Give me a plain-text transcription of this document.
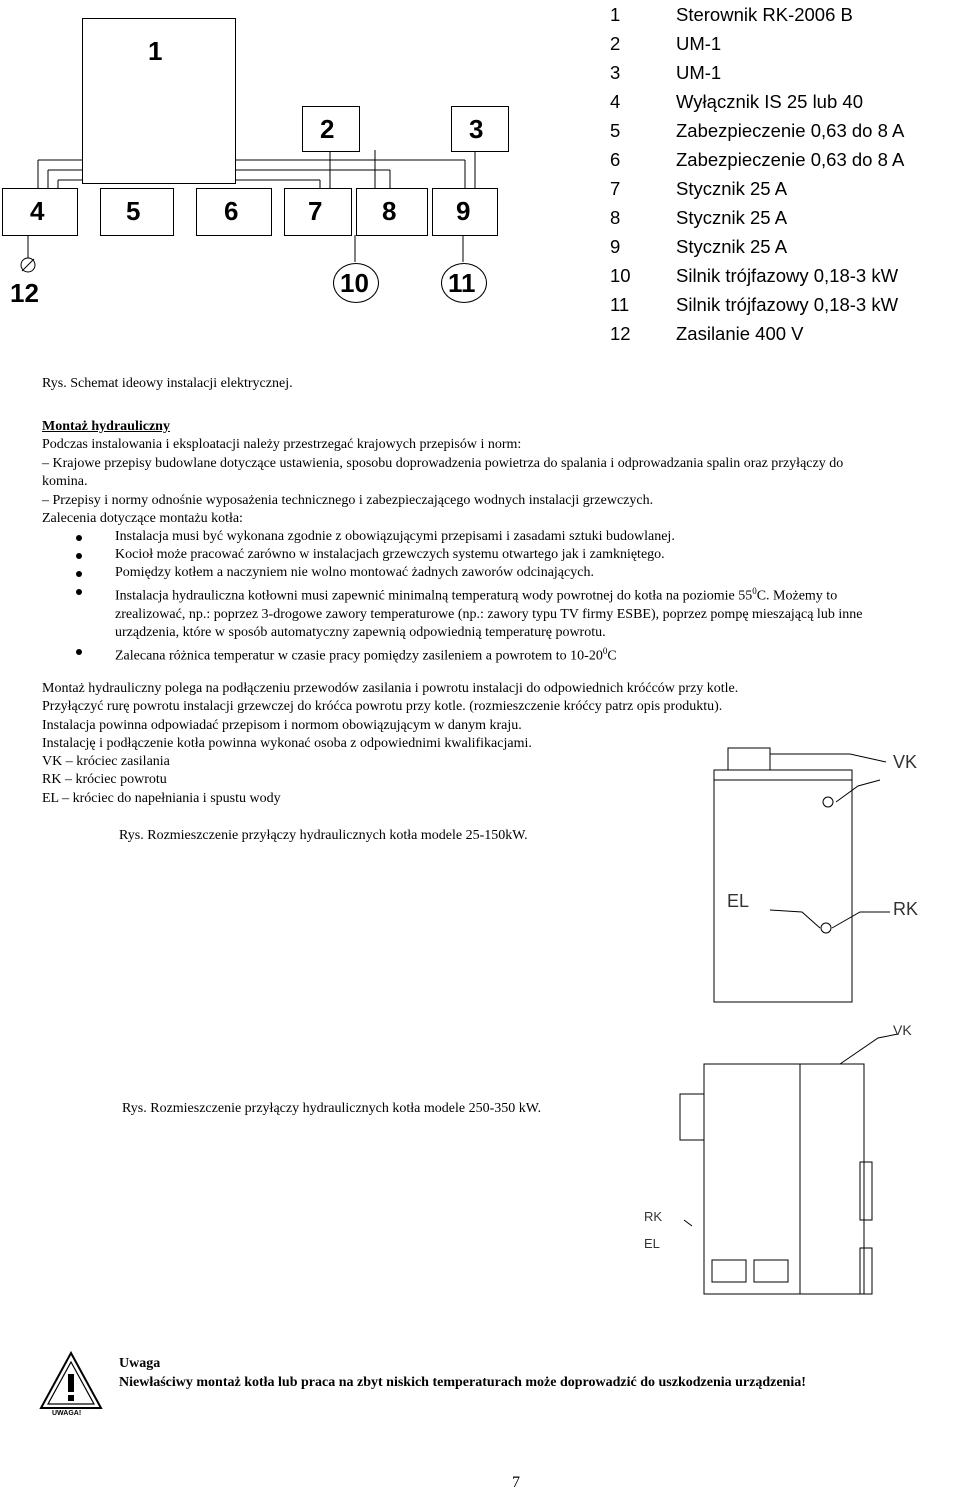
1
2	3
4	5	6	7 8 9
10	11
12
1	Sterownik RK-2006 B
2	UM-1
3	UM-1
4	Wyłącznik IS 25 lub 40
5	Zabezpieczenie 0,63 do 8 A
6	Zabezpieczenie 0,63 do 8 A
7	Stycznik 25 A
8	Stycznik 25 A
9	Stycznik 25 A
10 Silnik trójfazowy 0,18-3 kW
11	Silnik trójfazowy 0,18-3 kW
12 Zasilanie 400 V
Rys. Schemat ideowy instalacji elektrycznej.
Montaż hydrauliczny
Podczas instalowania i eksploatacji należy przestrzegać krajowych przepisów i norm:
– Krajowe przepisy budowlane dotyczące ustawienia, sposobu doprowadzenia powietrza do spalania i odprowadzania spalin oraz przyłączy do
komina.
– Przepisy i normy odnośnie wyposażenia technicznego i zabezpieczającego wodnych instalacji grzewczych.
Zalecenia dotyczące montażu kotła:
Instalacja musi być wykonana zgodnie z obowiązującymi przepisami i zasadami sztuki budowlanej.
Kocioł może pracować zarówno w instalacjach grzewczych systemu otwartego jak i zamkniętego.
Pomiędzy kotłem a naczyniem nie wolno montować żadnych zaworów odcinających.
Instalacja hydrauliczna kotłowni musi zapewnić minimalną temperaturą wody powrotnej do kotła na poziomie $55^0C$. Możemy to
zrealizować, np.: poprzez 3-drogowe zawory temperaturowe (np.: zawory typu TV firmy ESBE), poprzez pompę mieszającą lub inne
urządzenia, które w sposób automatyczny zapewnią odpowiednią temperaturę powrotu.
Zalecana różnica temperatur w czasie pracy pomiędzy zasileniem a powrotem to $10-20^0C$
Montaż hydrauliczny polega na podłączeniu przewodów zasilania i powrotu instalacji do odpowiednich króćców przy kotle.
Przyłączyć rurę powrotu instalacji grzewczej do króćca powrotu przy kotle. (rozmieszczenie króćcy patrz opis produktu).
Instalacja powinna odpowiadać przepisom i normom obowiązującym w danym kraju.
Instalację i podłączenie kotła powinna wykonać osoba z odpowiednimi kwalifikacjami.
VK – króciec zasilania
RK – króciec powrotu
EL – króciec do napełniania i spustu wody
VK
EL	RK
Rys. Rozmieszczenie przyłączy hydraulicznych kotła modele 25-150kW.
VK
RK
EL
Rys. Rozmieszczenie przyłączy hydraulicznych kotła modele 250-350 kW.
UWAGA!
Uwaga
Niewłaściwy montaż kotła lub praca na zbyt niskich temperaturach może doprowadzić do uszkodzenia urządzenia!
7
